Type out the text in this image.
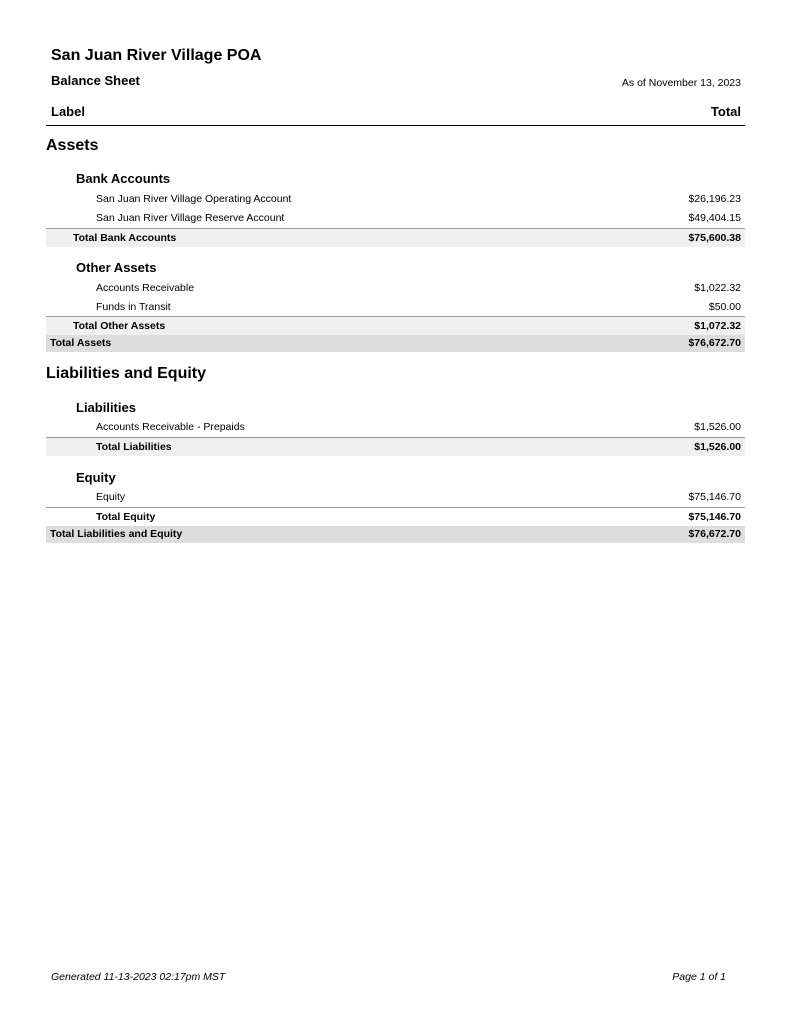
San Juan River Village POA
Balance Sheet	As of November 13, 2023
Label	Total
Assets
Bank Accounts
San Juan River Village Operating Account	$26,196.23
San Juan River Village Reserve Account	$49,404.15
Total Bank Accounts	$75,600.38
Other Assets
Accounts Receivable	$1,022.32
Funds in Transit	$50.00
Total Other Assets	$1,072.32
Total Assets	$76,672.70
Liabilities and Equity
Liabilities
Accounts Receivable - Prepaids	$1,526.00
Total Liabilities	$1,526.00
Equity
Equity	$75,146.70
Total Equity	$75,146.70
Total Liabilities and Equity	$76,672.70
Generated 11-13-2023 02:17pm MST	Page 1 of 1
